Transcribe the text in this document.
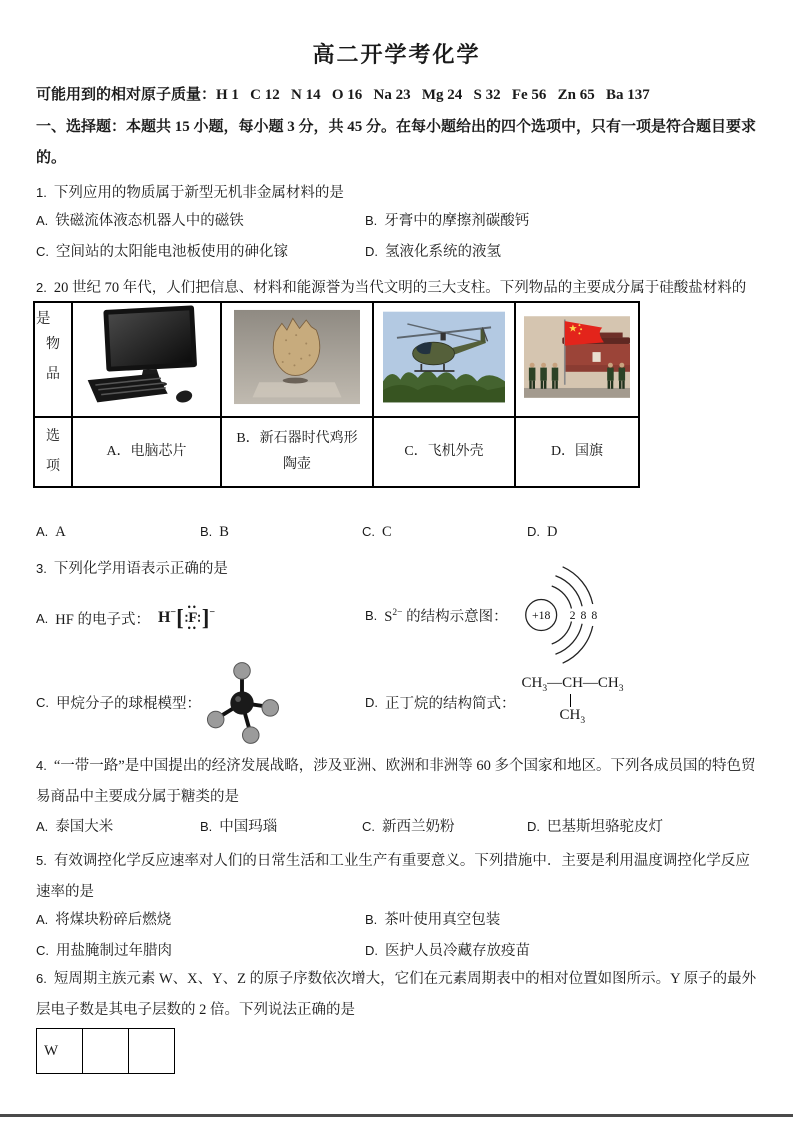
高二开学考化学
可能用到的相对原子质量：H 1   C 12   N 14   O 16   Na 23   Mg 24   S 32   Fe 56   Zn 65   Ba 137
一、选择题：本题共 15 小题，每小题 3 分，共 45 分。在每小题给出的四个选项中，只有一项是符合题目要求的。
1. 下列应用的物质属于新型无机非金属材料的是
A. 铁磁流体液态机器人中的磁铁	B. 牙膏中的摩擦剂碳酸钙
C. 空间站的太阳能电池板使用的砷化镓	D. 氢液化系统的液氢
2. 20 世纪 70 年代，人们把信息、材料和能源誉为当代文明的三大支柱。下列物品的主要成分属于硅酸盐材料的是
物品				
选项	A．电脑芯片	B．新石器时代鸡形陶壶	C．飞机外壳	D．国旗
A. A	B. B	C. C	D. D
3. 下列化学用语表示正确的是
A. HF 的电子式： H− [ ••
∶ F ∶
•• ]−	B. $S^{2-}$ 的结构示意图： +18 2 8 8
C. 甲烷分子的球棍模型：	D. 正丁烷的结构简式：
$CH_3—CH—CH_3$
$CH_3$
4. “一带一路”是中国提出的经济发展战略，涉及亚洲、欧洲和非洲等 60 多个国家和地区。下列各成员国的特色贸易商品中主要成分属于糖类的是
A. 泰国大米	B. 中国玛瑙	C. 新西兰奶粉	D. 巴基斯坦骆驼皮灯
5. 有效调控化学反应速率对人们的日常生活和工业生产有重要意义。下列措施中．主要是利用温度调控化学反应速率的是
A. 将煤块粉碎后燃烧	B. 茶叶使用真空包装
C. 用盐腌制过年腊肉	D. 医护人员冷藏存放疫苗
6. 短周期主族元素 W、X、Y、Z 的原子序数依次增大，它们在元素周期表中的相对位置如图所示。Y 原子的最外层电子数是其电子层数的 2 倍。下列说法正确的是
W		
